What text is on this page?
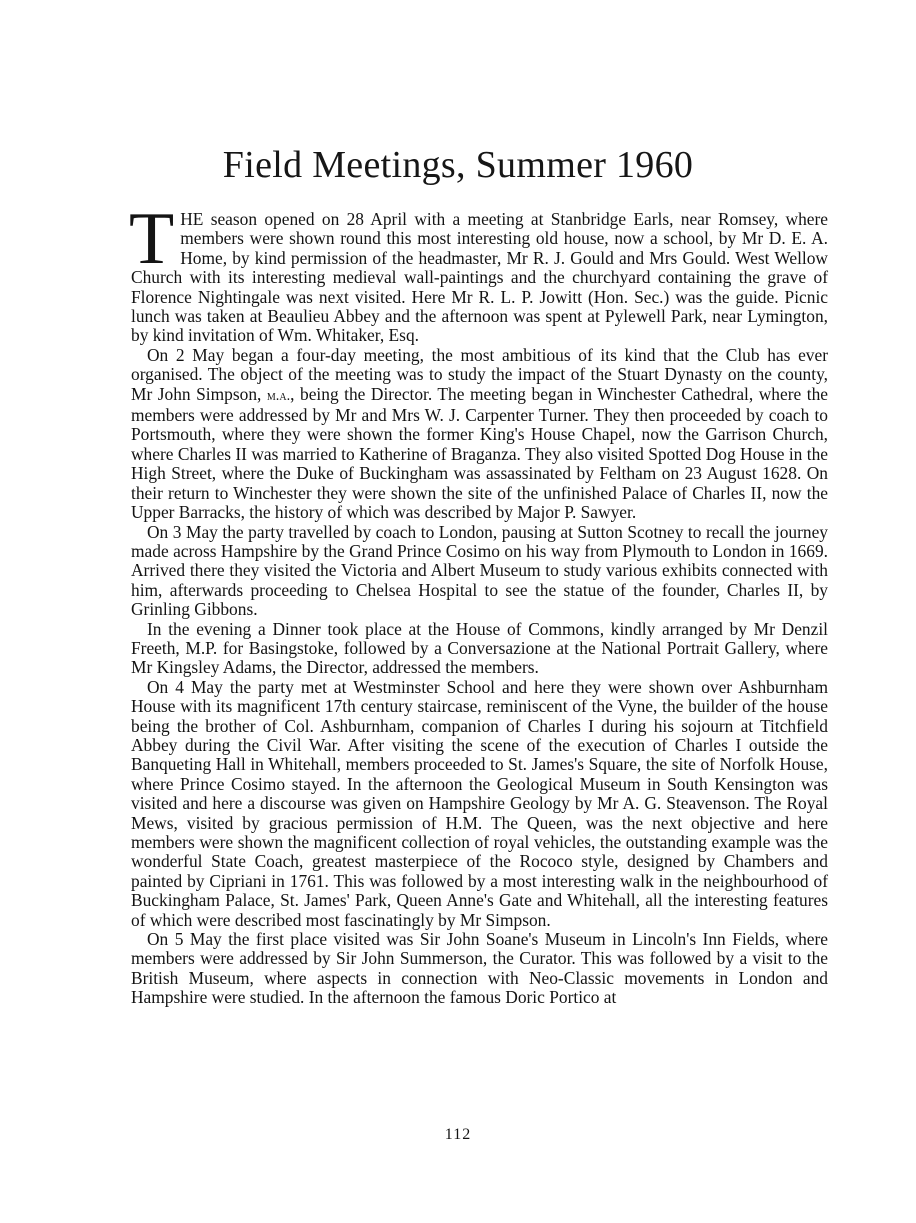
Field Meetings, Summer 1960

THE season opened on 28 April with a meeting at Stanbridge Earls, near Romsey, where members were shown round this most interesting old house, now a school, by Mr D. E. A. Home, by kind permission of the headmaster, Mr R. J. Gould and Mrs Gould. West Wellow Church with its interesting medieval wall-paintings and the churchyard containing the grave of Florence Nightingale was next visited. Here Mr R. L. P. Jowitt (Hon. Sec.) was the guide. Picnic lunch was taken at Beaulieu Abbey and the afternoon was spent at Pylewell Park, near Lymington, by kind invitation of Wm. Whitaker, Esq.

On 2 May began a four-day meeting, the most ambitious of its kind that the Club has ever organised. The object of the meeting was to study the impact of the Stuart Dynasty on the county, Mr John Simpson, m.a., being the Director. The meeting began in Winchester Cathedral, where the members were addressed by Mr and Mrs W. J. Carpenter Turner. They then proceeded by coach to Portsmouth, where they were shown the former King's House Chapel, now the Garrison Church, where Charles II was married to Katherine of Braganza. They also visited Spotted Dog House in the High Street, where the Duke of Buckingham was assassinated by Feltham on 23 August 1628. On their return to Winchester they were shown the site of the unfinished Palace of Charles II, now the Upper Barracks, the history of which was described by Major P. Sawyer.

On 3 May the party travelled by coach to London, pausing at Sutton Scotney to recall the journey made across Hampshire by the Grand Prince Cosimo on his way from Plymouth to London in 1669. Arrived there they visited the Victoria and Albert Museum to study various exhibits connected with him, afterwards proceeding to Chelsea Hospital to see the statue of the founder, Charles II, by Grinling Gibbons.

In the evening a Dinner took place at the House of Commons, kindly arranged by Mr Denzil Freeth, M.P. for Basingstoke, followed by a Conversazione at the National Portrait Gallery, where Mr Kingsley Adams, the Director, addressed the members.

On 4 May the party met at Westminster School and here they were shown over Ashburnham House with its magnificent 17th century staircase, reminiscent of the Vyne, the builder of the house being the brother of Col. Ashburnham, companion of Charles I during his sojourn at Titchfield Abbey during the Civil War. After visiting the scene of the execution of Charles I outside the Banqueting Hall in Whitehall, members proceeded to St. James's Square, the site of Norfolk House, where Prince Cosimo stayed. In the afternoon the Geological Museum in South Kensington was visited and here a discourse was given on Hampshire Geology by Mr A. G. Steavenson. The Royal Mews, visited by gracious permission of H.M. The Queen, was the next objective and here members were shown the magnificent collection of royal vehicles, the outstanding example was the wonderful State Coach, greatest masterpiece of the Rococo style, designed by Chambers and painted by Cipriani in 1761. This was followed by a most interesting walk in the neighbourhood of Buckingham Palace, St. James' Park, Queen Anne's Gate and Whitehall, all the interesting features of which were described most fascinatingly by Mr Simpson.

On 5 May the first place visited was Sir John Soane's Museum in Lincoln's Inn Fields, where members were addressed by Sir John Summerson, the Curator. This was followed by a visit to the British Museum, where aspects in connection with Neo-Classic movements in London and Hampshire were studied. In the afternoon the famous Doric Portico at

112
